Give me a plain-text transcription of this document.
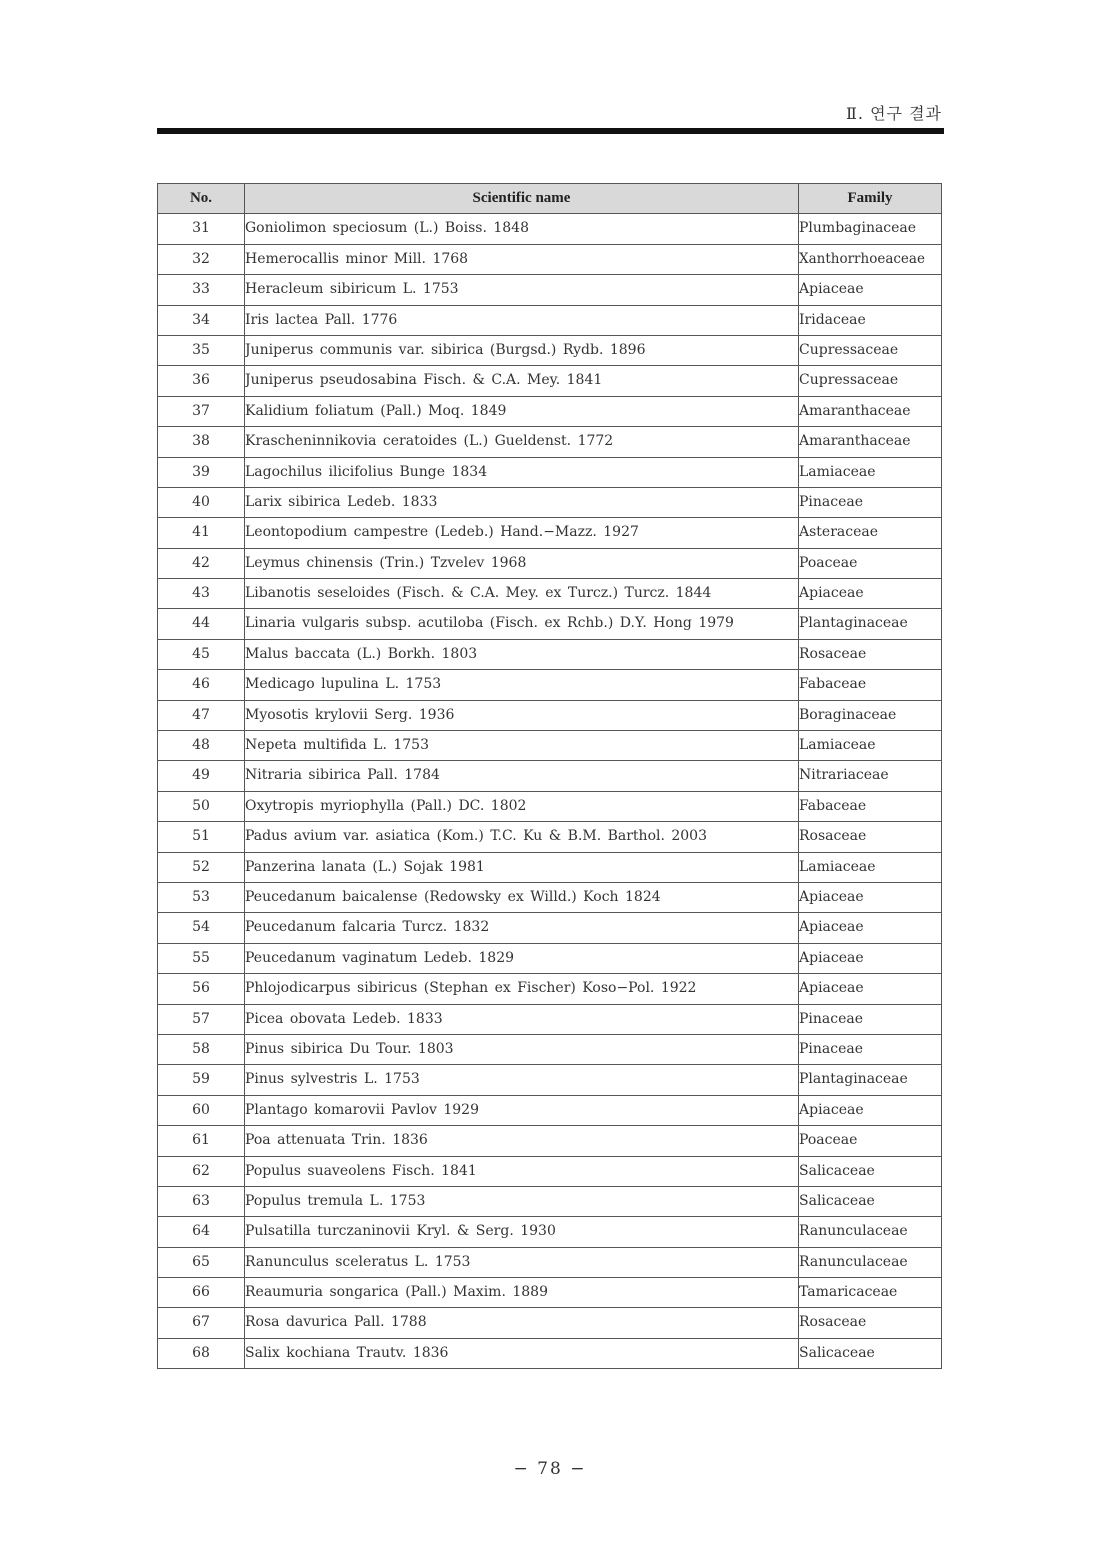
Ⅱ. 연구 결과
No.	Scientific name	Family
31	Goniolimon speciosum (L.) Boiss. 1848	Plumbaginaceae
32	Hemerocallis minor Mill. 1768	Xanthorrhoeaceae
33	Heracleum sibiricum L. 1753	Apiaceae
34	Iris lactea Pall. 1776	Iridaceae
35	Juniperus communis var. sibirica (Burgsd.) Rydb. 1896	Cupressaceae
36	Juniperus pseudosabina Fisch. & C.A. Mey. 1841	Cupressaceae
37	Kalidium foliatum (Pall.) Moq. 1849	Amaranthaceae
38	Krascheninnikovia ceratoides (L.) Gueldenst. 1772	Amaranthaceae
39	Lagochilus ilicifolius Bunge 1834	Lamiaceae
40	Larix sibirica Ledeb. 1833	Pinaceae
41	Leontopodium campestre (Ledeb.) Hand.−Mazz. 1927	Asteraceae
42	Leymus chinensis (Trin.) Tzvelev 1968	Poaceae
43	Libanotis seseloides (Fisch. & C.A. Mey. ex Turcz.) Turcz. 1844	Apiaceae
44	Linaria vulgaris subsp. acutiloba (Fisch. ex Rchb.) D.Y. Hong 1979	Plantaginaceae
45	Malus baccata (L.) Borkh. 1803	Rosaceae
46	Medicago lupulina L. 1753	Fabaceae
47	Myosotis krylovii Serg. 1936	Boraginaceae
48	Nepeta multifida L. 1753	Lamiaceae
49	Nitraria sibirica Pall. 1784	Nitrariaceae
50	Oxytropis myriophylla (Pall.) DC. 1802	Fabaceae
51	Padus avium var. asiatica (Kom.) T.C. Ku & B.M. Barthol. 2003	Rosaceae
52	Panzerina lanata (L.) Sojak 1981	Lamiaceae
53	Peucedanum baicalense (Redowsky ex Willd.) Koch 1824	Apiaceae
54	Peucedanum falcaria Turcz. 1832	Apiaceae
55	Peucedanum vaginatum Ledeb. 1829	Apiaceae
56	Phlojodicarpus sibiricus (Stephan ex Fischer) Koso−Pol. 1922	Apiaceae
57	Picea obovata Ledeb. 1833	Pinaceae
58	Pinus sibirica Du Tour. 1803	Pinaceae
59	Pinus sylvestris L. 1753	Plantaginaceae
60	Plantago komarovii Pavlov 1929	Apiaceae
61	Poa attenuata Trin. 1836	Poaceae
62	Populus suaveolens Fisch. 1841	Salicaceae
63	Populus tremula L. 1753	Salicaceae
64	Pulsatilla turczaninovii Kryl. & Serg. 1930	Ranunculaceae
65	Ranunculus sceleratus L. 1753	Ranunculaceae
66	Reaumuria songarica (Pall.) Maxim. 1889	Tamaricaceae
67	Rosa davurica Pall. 1788	Rosaceae
68	Salix kochiana Trautv. 1836	Salicaceae
− 78 −
